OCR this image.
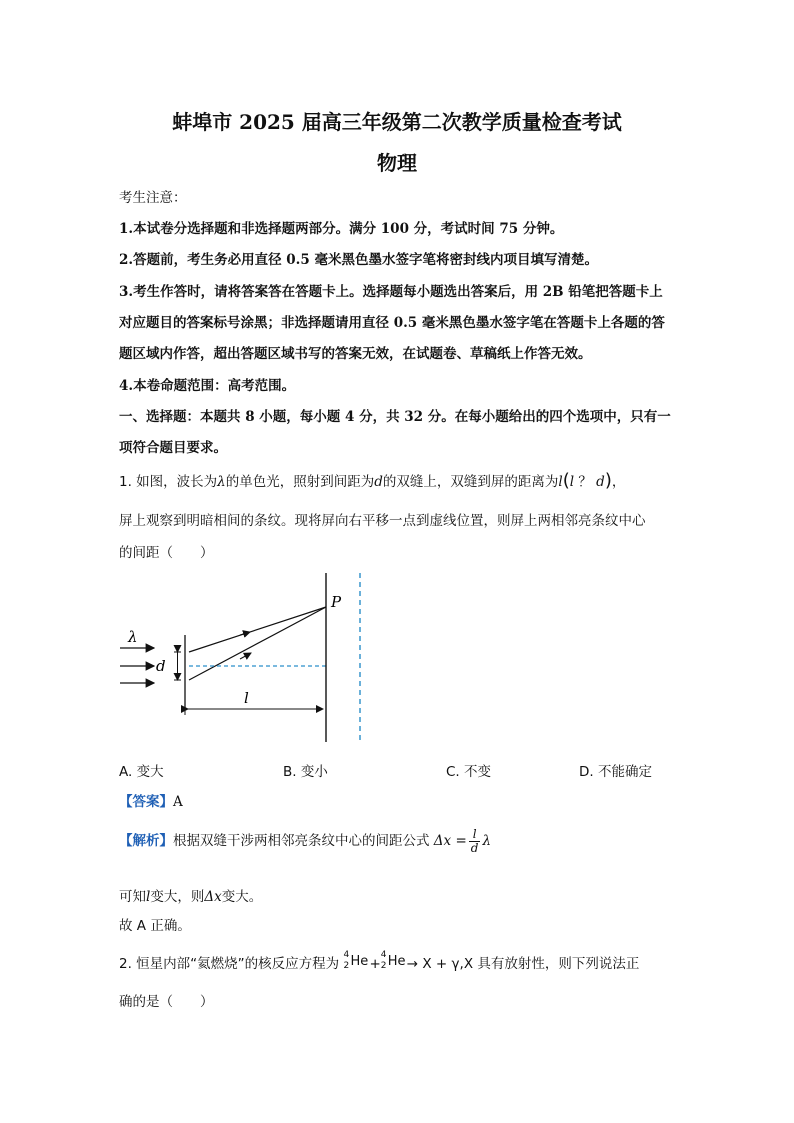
蚌埠市 2025 届高三年级第二次教学质量检查考试
物理
考生注意：
1.本试卷分选择题和非选择题两部分。满分 100 分，考试时间 75 分钟。
2.答题前，考生务必用直径 0.5 毫米黑色墨水签字笔将密封线内项目填写清楚。
3.考生作答时，请将答案答在答题卡上。选择题每小题选出答案后，用 2B 铅笔把答题卡上
对应题目的答案标号涂黑；非选择题请用直径 0.5 毫米黑色墨水签字笔在答题卡上各题的答
题区域内作答，超出答题区域书写的答案无效，在试题卷、草稿纸上作答无效。
4.本卷命题范围：高考范围。
一、选择题：本题共 8 小题，每小题 4 分，共 32 分。在每小题给出的四个选项中，只有一
项符合题目要求。
1. 如图，波长为λ的单色光，照射到间距为d的双缝上，双缝到屏的距离为l(l ？ d)，
屏上观察到明暗相间的条纹。现将屏向右平移一点到虚线位置，则屏上两相邻亮条纹中心
的间距（　　）
λ
d
P
l
A. 变大	B. 变小	C. 不变	D. 不能确定
【答案】A
【解析】根据双缝干涉两相邻亮条纹中心的间距公式 $\Delta x = \frac{l}{d}$ λ
可知l变大，则Δx变大。
故 A 正确。
2. 恒星内部“氦燃烧”的核反应方程为
4
2 He +
4
2 He → X + γ,X 具有放射性，则下列说法正
确的是（　　）
